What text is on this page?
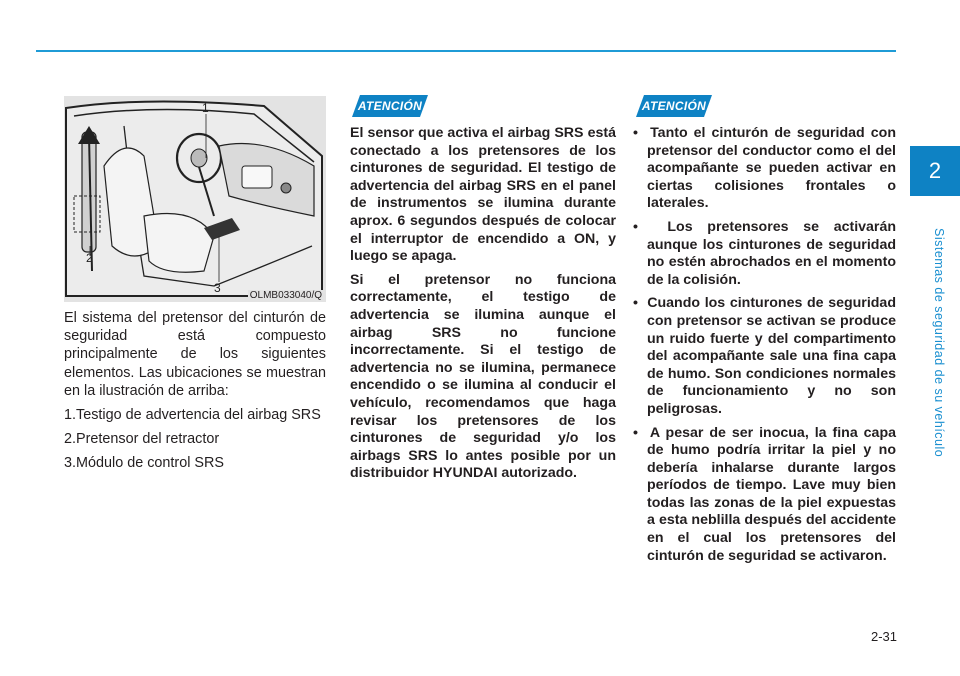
2
Sistemas de seguridad de su vehículo
1
2
3
OLMB033040/Q

El sistema del pretensor del cinturón de seguridad está compuesto principalmente de los siguientes elementos. Las ubicaciones se muestran en la ilustración de arriba:

1.Testigo de advertencia del airbag SRS
2.Pretensor del retractor
3.Módulo de control SRS
ATENCIÓN

El sensor que activa el airbag SRS está conectado a los pretensores de los cinturones de seguridad. El testigo de advertencia del airbag SRS en el panel de instrumentos se ilumina durante aprox. 6 segundos después de colocar el interruptor de encendido a ON, y luego se apaga.

Si el pretensor no funciona correctamente, el testigo de advertencia se ilumina aunque el airbag SRS no funcione incorrectamente. Si el testigo de advertencia no se ilumina, permanece encendido o se ilumina al conducir el vehículo, recomendamos que haga revisar los pretensores de los cinturones de seguridad y/o los airbags SRS lo antes posible por un distribuidor HYUNDAI autorizado.

ATENCIÓN
• Tanto el cinturón de seguridad con pretensor del conductor como el del acompañante se pueden activar en ciertas colisiones frontales o laterales.
• Los pretensores se activarán aunque los cinturones de seguridad no estén abrochados en el momento de la colisión.
• Cuando los cinturones de seguridad con pretensor se activan se produce un ruido fuerte y del compartimento del acompañante sale una fina capa de humo. Son condiciones normales de funcionamiento y no son peligrosas.
• A pesar de ser inocua, la fina capa de humo podría irritar la piel y no debería inhalarse durante largos períodos de tiempo. Lave muy bien todas las zonas de la piel expuestas a esta neblilla después del accidente en el cual los pretensores del cinturón de seguridad se activaron.
2-31
